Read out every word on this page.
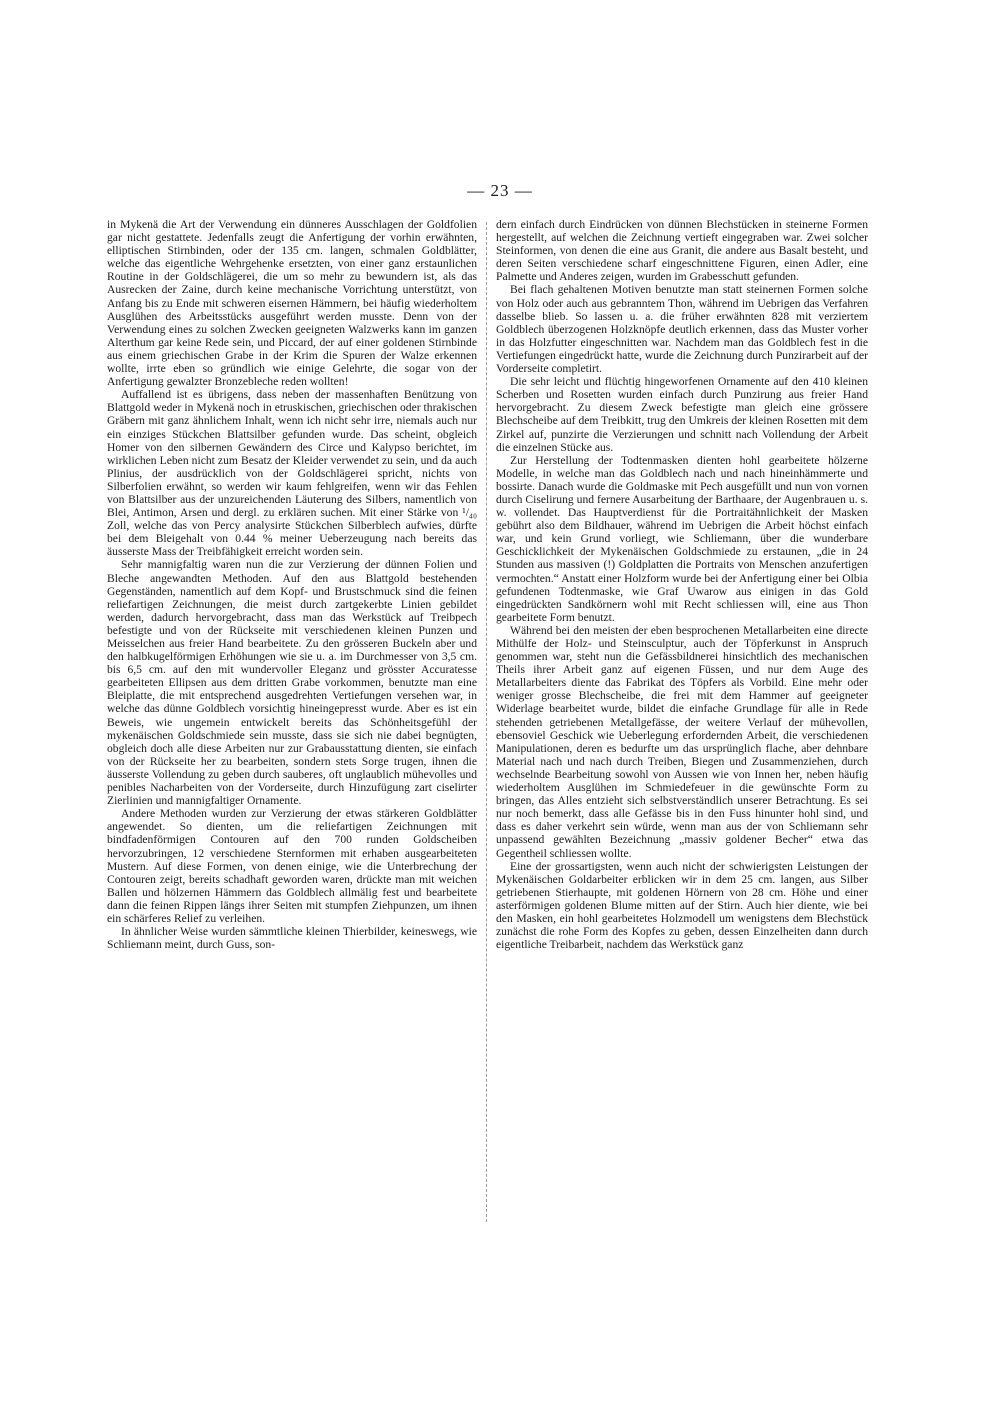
— 23 —

in Mykenä die Art der Verwendung ein dünneres Ausschlagen der Goldfolien gar nicht gestattete. Jedenfalls zeugt die Anfertigung der vorhin erwähnten, elliptischen Stirnbinden, oder der 135 cm. langen, schmalen Goldblätter, welche das eigentliche Wehrgehenke ersetzten, von einer ganz erstaunlichen Routine in der Goldschlägerei, die um so mehr zu bewundern ist, als das Ausrecken der Zaine, durch keine mechanische Vorrichtung unterstützt, von Anfang bis zu Ende mit schweren eisernen Hämmern, bei häufig wiederholtem Ausglühen des Arbeitsstücks ausgeführt werden musste. Denn von der Verwendung eines zu solchen Zwecken geeigneten Walzwerks kann im ganzen Alterthum gar keine Rede sein, und Piccard, der auf einer goldenen Stirnbinde aus einem griechischen Grabe in der Krim die Spuren der Walze erkennen wollte, irrte eben so gründlich wie einige Gelehrte, die sogar von der Anfertigung gewalzter Bronzebleche reden wollten!

Auffallend ist es übrigens, dass neben der massenhaften Benützung von Blattgold weder in Mykenä noch in etruskischen, griechischen oder thrakischen Gräbern mit ganz ähnlichem Inhalt, wenn ich nicht sehr irre, niemals auch nur ein einziges Stückchen Blattsilber gefunden wurde. Das scheint, obgleich Homer von den silbernen Gewändern des Circe und Kalypso berichtet, im wirklichen Leben nicht zum Besatz der Kleider verwendet zu sein, und da auch Plinius, der ausdrücklich von der Goldschlägerei spricht, nichts von Silberfolien erwähnt, so werden wir kaum fehlgreifen, wenn wir das Fehlen von Blattsilber aus der unzureichenden Läuterung des Silbers, namentlich von Blei, Antimon, Arsen und dergl. zu erklären suchen. Mit einer Stärke von ¹/₄₀ Zoll, welche das von Percy analysirte Stückchen Silberblech aufwies, dürfte bei dem Bleigehalt von 0.44 % meiner Ueberzeugung nach bereits das äusserste Mass der Treibfähigkeit erreicht worden sein.

Sehr mannigfaltig waren nun die zur Verzierung der dünnen Folien und Bleche angewandten Methoden. Auf den aus Blattgold bestehenden Gegenständen, namentlich auf dem Kopf- und Brustschmuck sind die feinen reliefartigen Zeichnungen, die meist durch zartgekerbte Linien gebildet werden, dadurch hervorgebracht, dass man das Werkstück auf Treibpech befestigte und von der Rückseite mit verschiedenen kleinen Punzen und Meisselchen aus freier Hand bearbeitete. Zu den grösseren Buckeln aber und den halbkugelförmigen Erhöhungen wie sie u. a. im Durchmesser von 3,5 cm. bis 6,5 cm. auf den mit wundervoller Eleganz und grösster Accuratesse gearbeiteten Ellipsen aus dem dritten Grabe vorkommen, benutzte man eine Bleiplatte, die mit entsprechend ausgedrehten Vertiefungen versehen war, in welche das dünne Goldblech vorsichtig hineingepresst wurde. Aber es ist ein Beweis, wie ungemein entwickelt bereits das Schönheitsgefühl der mykenäischen Goldschmiede sein musste, dass sie sich nie dabei begnügten, obgleich doch alle diese Arbeiten nur zur Grabausstattung dienten, sie einfach von der Rückseite her zu bearbeiten, sondern stets Sorge trugen, ihnen die äusserste Vollendung zu geben durch sauberes, oft unglaublich mühevolles und penibles Nacharbeiten von der Vorderseite, durch Hinzufügung zart ciselirter Zierlinien und mannigfaltiger Ornamente.

Andere Methoden wurden zur Verzierung der etwas stärkeren Goldblätter angewendet. So dienten, um die reliefartigen Zeichnungen mit bindfadenförmigen Contouren auf den 700 runden Goldscheiben hervorzubringen, 12 verschiedene Sternformen mit erhaben ausgearbeiteten Mustern. Auf diese Formen, von denen einige, wie die Unterbrechung der Contouren zeigt, bereits schadhaft geworden waren, drückte man mit weichen Ballen und hölzernen Hämmern das Goldblech allmälig fest und bearbeitete dann die feinen Rippen längs ihrer Seiten mit stumpfen Ziehpunzen, um ihnen ein schärferes Relief zu verleihen.

In ähnlicher Weise wurden sämmtliche kleinen Thierbilder, keineswegs, wie Schliemann meint, durch Guss, son-

dern einfach durch Eindrücken von dünnen Blechstücken in steinerne Formen hergestellt, auf welchen die Zeichnung vertieft eingegraben war. Zwei solcher Steinformen, von denen die eine aus Granit, die andere aus Basalt besteht, und deren Seiten verschiedene scharf eingeschnittene Figuren, einen Adler, eine Palmette und Anderes zeigen, wurden im Grabesschutt gefunden.

Bei flach gehaltenen Motiven benutzte man statt steinernen Formen solche von Holz oder auch aus gebranntem Thon, während im Uebrigen das Verfahren dasselbe blieb. So lassen u. a. die früher erwähnten 828 mit verziertem Goldblech überzogenen Holzknöpfe deutlich erkennen, dass das Muster vorher in das Holzfutter eingeschnitten war. Nachdem man das Goldblech fest in die Vertiefungen eingedrückt hatte, wurde die Zeichnung durch Punzirarbeit auf der Vorderseite completirt.

Die sehr leicht und flüchtig hingeworfenen Ornamente auf den 410 kleinen Scherben und Rosetten wurden einfach durch Punzirung aus freier Hand hervorgebracht. Zu diesem Zweck befestigte man gleich eine grössere Blechscheibe auf dem Treibkitt, trug den Umkreis der kleinen Rosetten mit dem Zirkel auf, punzirte die Verzierungen und schnitt nach Vollendung der Arbeit die einzelnen Stücke aus.

Zur Herstellung der Todtenmasken dienten hohl gearbeitete hölzerne Modelle, in welche man das Goldblech nach und nach hineinhämmerte und bossirte. Danach wurde die Goldmaske mit Pech ausgefüllt und nun von vornen durch Ciselirung und fernere Ausarbeitung der Barthaare, der Augenbrauen u. s. w. vollendet. Das Hauptverdienst für die Portraitähnlichkeit der Masken gebührt also dem Bildhauer, während im Uebrigen die Arbeit höchst einfach war, und kein Grund vorliegt, wie Schliemann, über die wunderbare Geschicklichkeit der Mykenäischen Goldschmiede zu erstaunen, „die in 24 Stunden aus massiven (!) Goldplatten die Portraits von Menschen anzufertigen vermochten.“ Anstatt einer Holzform wurde bei der Anfertigung einer bei Olbia gefundenen Todtenmaske, wie Graf Uwarow aus einigen in das Gold eingedrückten Sandkörnern wohl mit Recht schliessen will, eine aus Thon gearbeitete Form benutzt.

Während bei den meisten der eben besprochenen Metallarbeiten eine directe Mithülfe der Holz- und Steinsculptur, auch der Töpferkunst in Anspruch genommen war, steht nun die Gefässbildnerei hinsichtlich des mechanischen Theils ihrer Arbeit ganz auf eigenen Füssen, und nur dem Auge des Metallarbeiters diente das Fabrikat des Töpfers als Vorbild. Eine mehr oder weniger grosse Blechscheibe, die frei mit dem Hammer auf geeigneter Widerlage bearbeitet wurde, bildet die einfache Grundlage für alle in Rede stehenden getriebenen Metallgefässe, der weitere Verlauf der mühevollen, ebensoviel Geschick wie Ueberlegung erfordernden Arbeit, die verschiedenen Manipulationen, deren es bedurfte um das ursprünglich flache, aber dehnbare Material nach und nach durch Treiben, Biegen und Zusammenziehen, durch wechselnde Bearbeitung sowohl von Aussen wie von Innen her, neben häufig wiederholtem Ausglühen im Schmiedefeuer in die gewünschte Form zu bringen, das Alles entzieht sich selbstverständlich unserer Betrachtung. Es sei nur noch bemerkt, dass alle Gefässe bis in den Fuss hinunter hohl sind, und dass es daher verkehrt sein würde, wenn man aus der von Schliemann sehr unpassend gewählten Bezeichnung „massiv goldener Becher“ etwa das Gegentheil schliessen wollte.

Eine der grossartigsten, wenn auch nicht der schwierigsten Leistungen der Mykenäischen Goldarbeiter erblicken wir in dem 25 cm. langen, aus Silber getriebenen Stierhaupte, mit goldenen Hörnern von 28 cm. Höhe und einer asterförmigen goldenen Blume mitten auf der Stirn. Auch hier diente, wie bei den Masken, ein hohl gearbeitetes Holzmodell um wenigstens dem Blechstück zunächst die rohe Form des Kopfes zu geben, dessen Einzelheiten dann durch eigentliche Treibarbeit, nachdem das Werkstück ganz
